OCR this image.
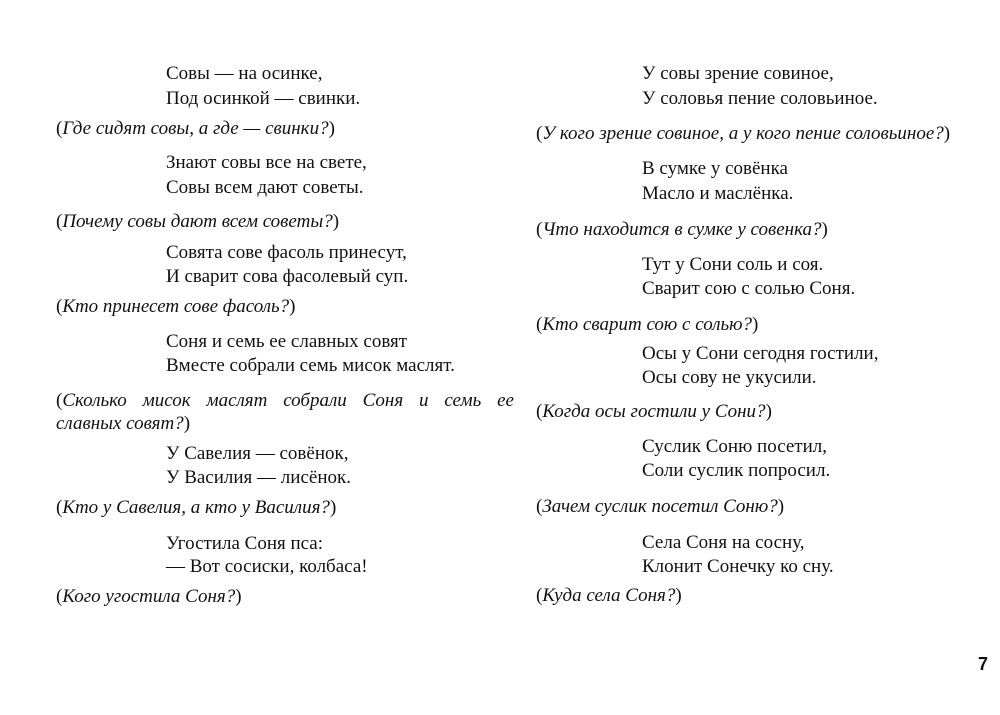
Совы — на осинке,

Под осинкой — свинки.

(Где сидят совы, а где — свинки?)

Знают совы все на свете,

Совы всем дают советы.

(Почему совы дают всем советы?)

Совята сове фасоль принесут,

И сварит сова фасолевый суп.

(Кто принесет сове фасоль?)

Соня и семь ее славных совят

Вместе собрали семь мисок маслят.

(Сколько мисок маслят собрали Соня и семь ее

славных совят?)

У Савелия — совёнок,

У Василия — лисёнок.

(Кто у Савелия, а кто у Василия?)

Угостила Соня пса:

— Вот сосиски, колбаса!

(Кого угостила Соня?)

У совы зрение совиное,

У соловья пение соловьиное.

(У кого зрение совиное, а у кого пение соловьиное?)

В сумке у совёнка

Масло и маслёнка.

(Что находится в сумке у совенка?)

Тут у Сони соль и соя.

Сварит сою с солью Соня.

(Кто сварит сою с солью?)

Осы у Сони сегодня гостили,

Осы сову не укусили.

(Когда осы гостили у Сони?)

Суслик Соню посетил,

Соли суслик попросил.

(Зачем суслик посетил Соню?)

Села Соня на сосну,

Клонит Сонечку ко сну.

(Куда села Соня?)

7
